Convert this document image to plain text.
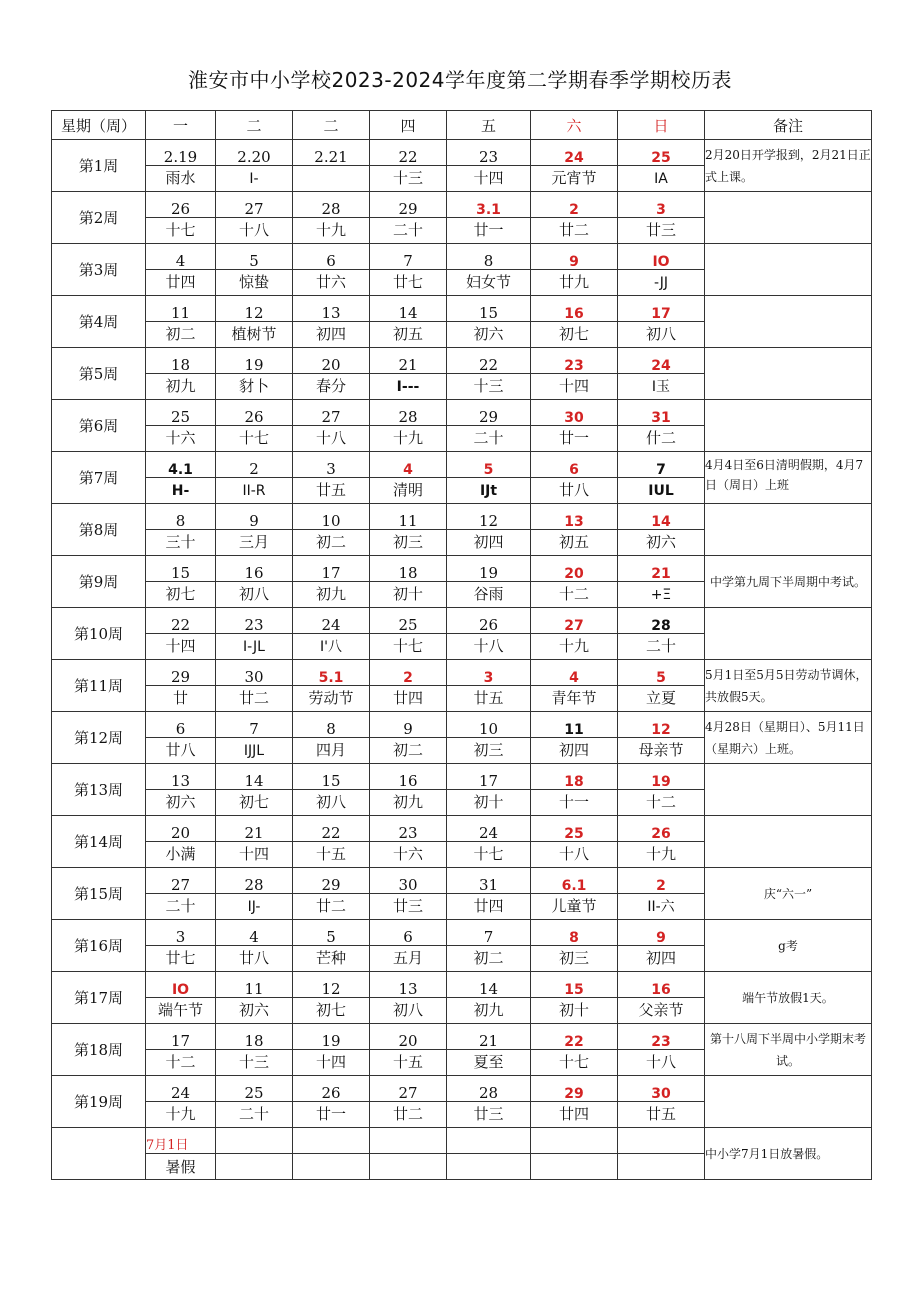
淮安市中小学校2023-2024学年度第二学期春季学期校历表
星期（周）	一	二	二	四	五	六	日	备注
第1周	2.19	2.20	2.21	22	23	24	25	2月20日开学报到，2月21日正式上课。

	雨水	I-		十三	十四	元宵节	IA	
第2周	26	27	28	29	3.1	2	3	

	十七	十八	十九	二十	廿一	廿二	廿三	
第3周	4	5	6	7	8	9	IO	

	廿四	惊蛰	廿六	廿七	妇女节	廿九	-JJ	
第4周	11	12	13	14	15	16	17	

	初二	植树节	初四	初五	初六	初七	初八	
第5周	18	19	20	21	22	23	24	

	初九	豺卜	春分	I---	十三	十四	I玉	
第6周	25	26	27	28	29	30	31	

	十六	十七	十八	十九	二十	廿一	什二	
第7周	4.1	2	3	4	5	6	7	4月4日至6日清明假期，4月7日（周日）上班

	H-	II-R	廿五	清明	IJt	廿八	IUL	
第8周	8	9	10	11	12	13	14	

	三十	三月	初二	初三	初四	初五	初六	
第9周	15	16	17	18	19	20	21	中学第九周下半周期中考试。

	初七	初八	初九	初十	谷雨	十二	+Ξ	
第10周	22	23	24	25	26	27	28	

	十四	I-JL	I'八	十七	十八	十九	二十	
第11周	29	30	5.1	2	3	4	5	5月1日至5月5日劳动节调休，共放假5天。

	廿	廿二	劳动节	廿四	廿五	青年节	立夏	
第12周	6	7	8	9	10	11	12	4月28日（星期日）、5月11日（星期六）上班。

	廿八	IJJL	四月	初二	初三	初四	母亲节	
第13周	13	14	15	16	17	18	19	

	初六	初七	初八	初九	初十	十一	十二	
第14周	20	21	22	23	24	25	26	

	小满	十四	十五	十六	十七	十八	十九	
第15周	27	28	29	30	31	6.1	2	庆“六一”

	二十	IJ-	廿二	廿三	廿四	儿童节	II-六	
第16周	3	4	5	6	7	8	9	g考

	廿七	廿八	芒种	五月	初二	初三	初四	
第17周	IO	11	12	13	14	15	16	端午节放假1天。

	端午节	初六	初七	初八	初九	初十	父亲节	
第18周	17	18	19	20	21	22	23	第十八周下半周中小学期末考试。

	十二	十三	十四	十五	夏至	十七	十八	
第19周	24	25	26	27	28	29	30	

	十九	二十	廿一	廿二	廿三	廿四	廿五	
	7月1日							中小学7月1日放暑假。
	暑假							
